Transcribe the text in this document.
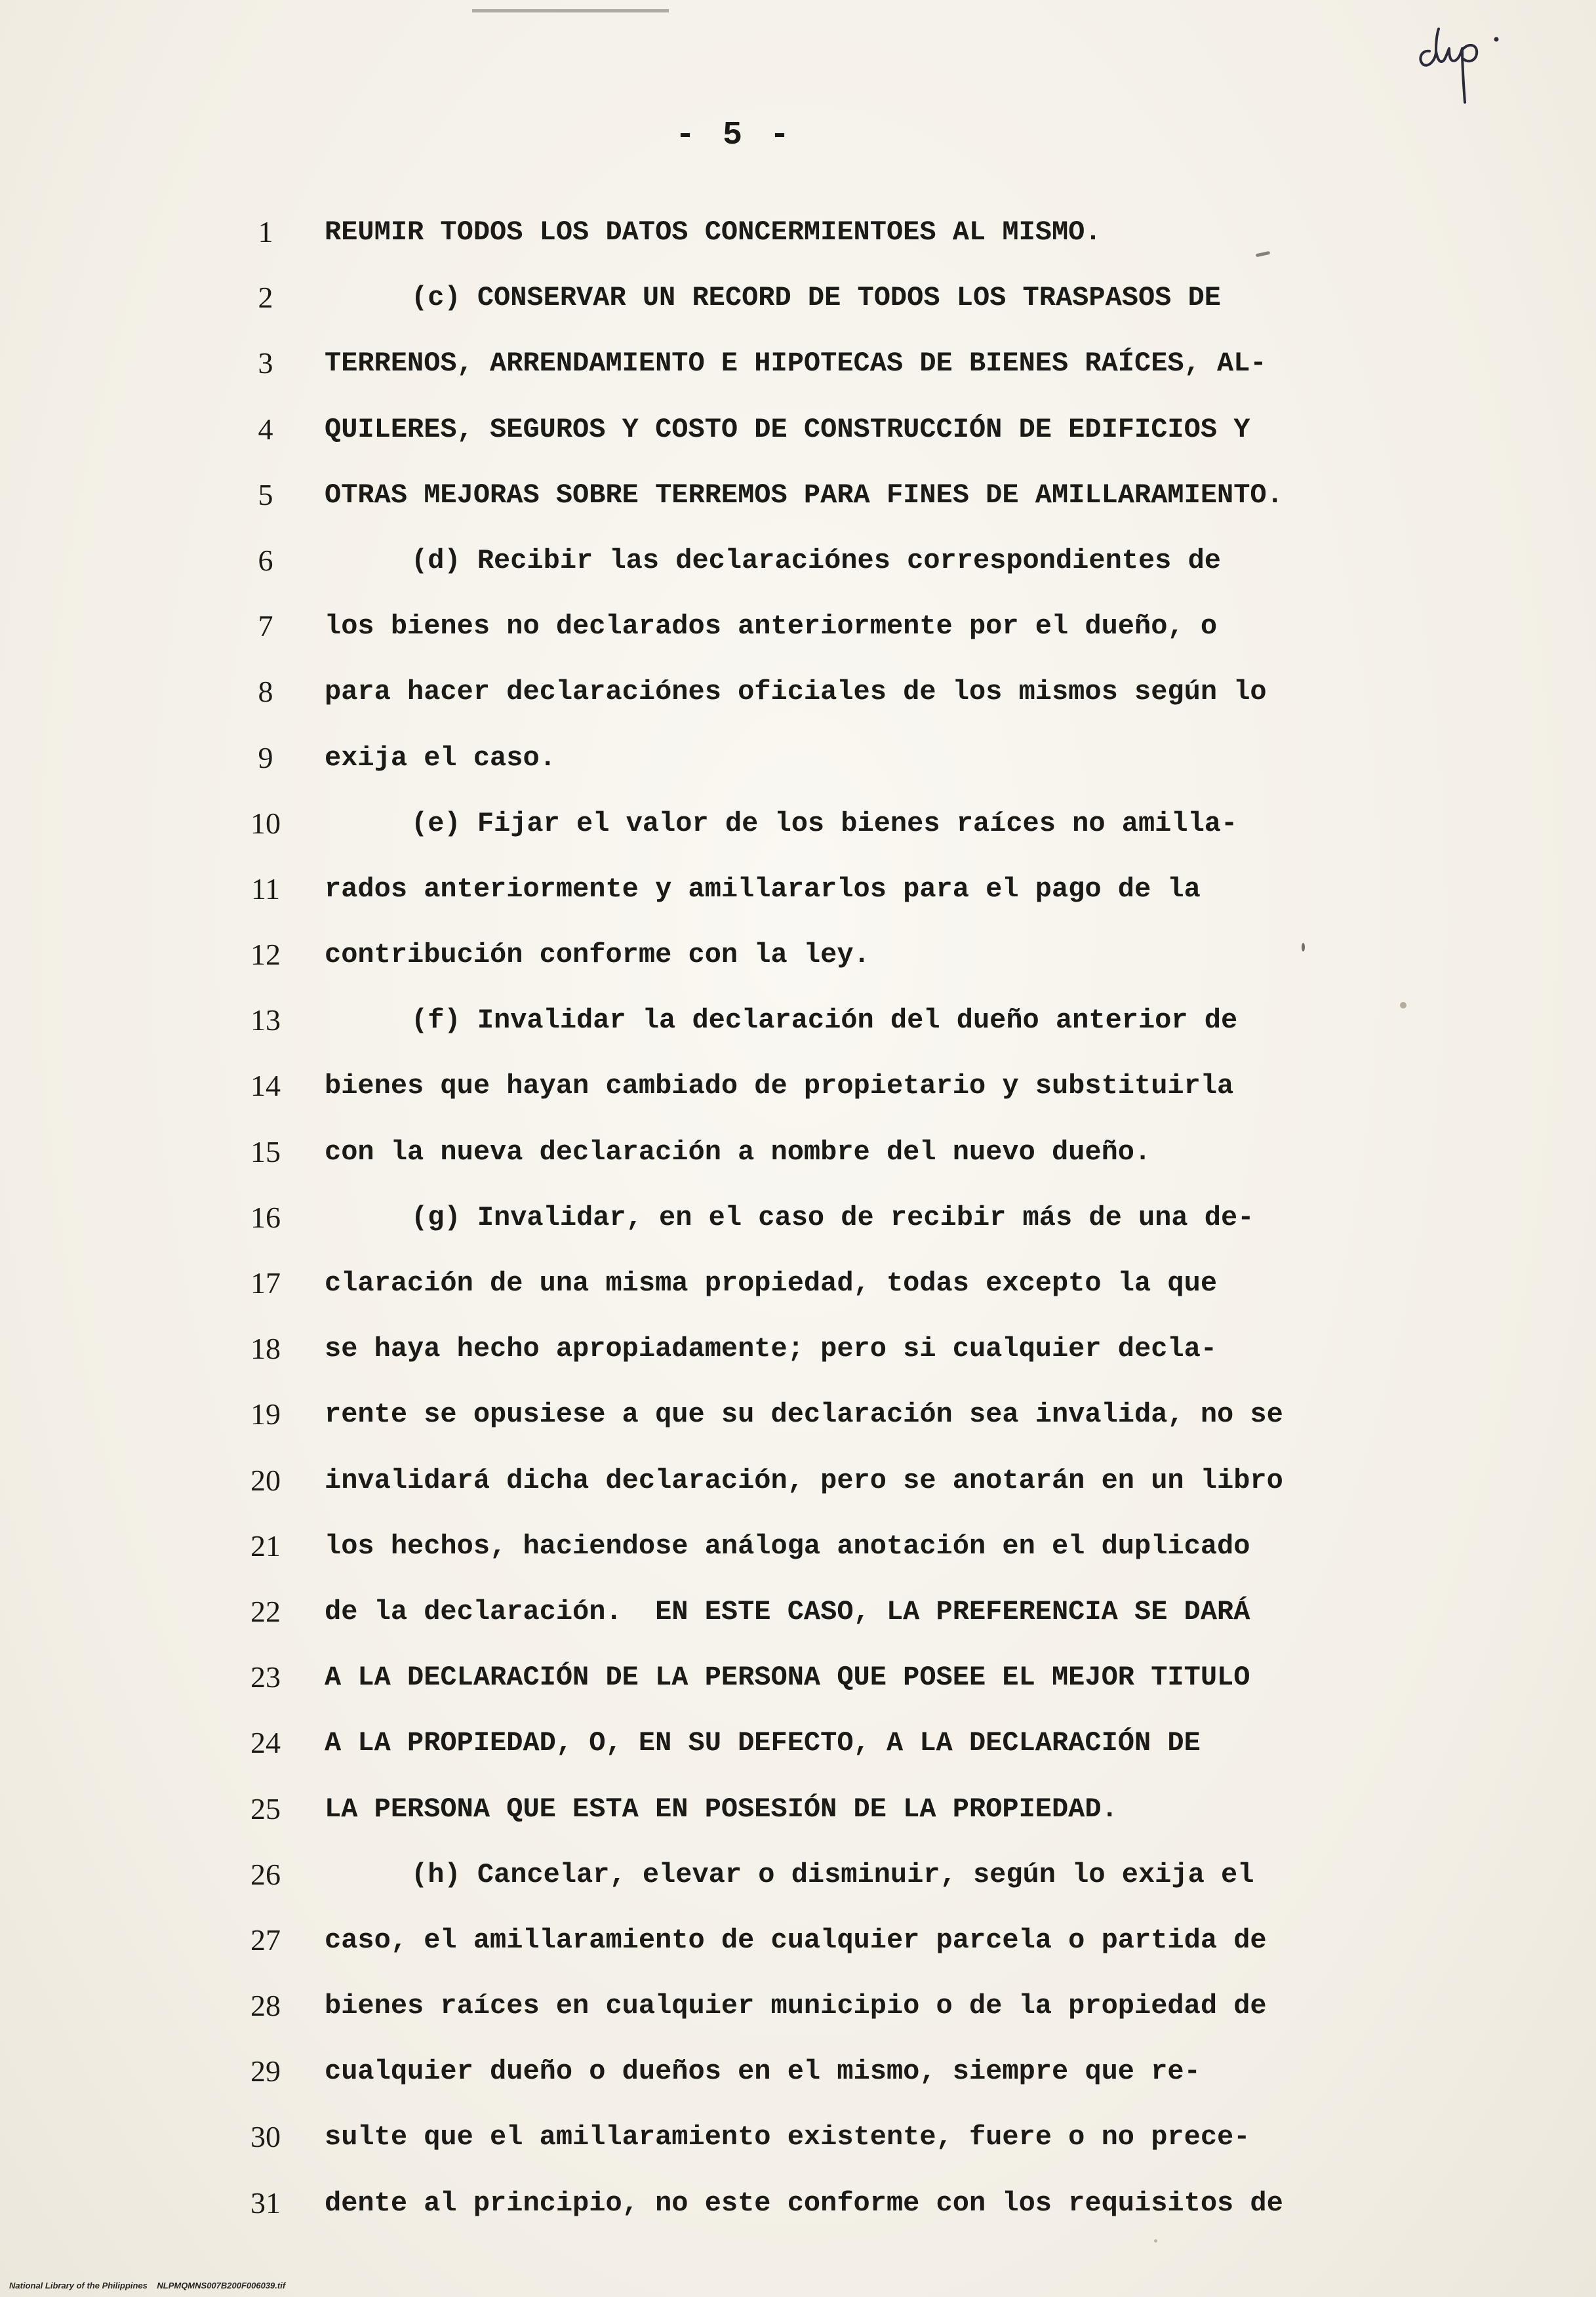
- 5 -
1	REUMIR TODOS LOS DATOS CONCERMIENTOES AL MISMO.
2	(c) CONSERVAR UN RECORD DE TODOS LOS TRASPASOS DE
3	TERRENOS, ARRENDAMIENTO E HIPOTECAS DE BIENES RAÍCES, AL-
4	QUILERES, SEGUROS Y COSTO DE CONSTRUCCIÓN DE EDIFICIOS Y
5	OTRAS MEJORAS SOBRE TERREMOS PARA FINES DE AMILLARAMIENTO.
6	(d) Recibir las declaraciónes correspondientes de
7	los bienes no declarados anteriormente por el dueño, o
8	para hacer declaraciónes oficiales de los mismos según lo
9	exija el caso.
10	(e) Fijar el valor de los bienes raíces no amilla-
11	rados anteriormente y amillararlos para el pago de la
12	contribución conforme con la ley.
13	(f) Invalidar la declaración del dueño anterior de
14	bienes que hayan cambiado de propietario y substituirla
15	con la nueva declaración a nombre del nuevo dueño.
16	(g) Invalidar, en el caso de recibir más de una de-
17	claración de una misma propiedad, todas excepto la que
18	se haya hecho apropiadamente; pero si cualquier decla-
19	rente se opusiese a que su declaración sea invalida, no se
20	invalidará dicha declaración, pero se anotarán en un libro
21	los hechos, haciendose análoga anotación en el duplicado
22	de la declaración.  EN ESTE CASO, LA PREFERENCIA SE DARÁ
23	A LA DECLARACIÓN DE LA PERSONA QUE POSEE EL MEJOR TITULO
24	A LA PROPIEDAD, O, EN SU DEFECTO, A LA DECLARACIÓN DE
25	LA PERSONA QUE ESTA EN POSESIÓN DE LA PROPIEDAD.
26	(h) Cancelar, elevar o disminuir, según lo exija el
27	caso, el amillaramiento de cualquier parcela o partida de
28	bienes raíces en cualquier municipio o de la propiedad de
29	cualquier dueño o dueños en el mismo, siempre que re-
30	sulte que el amillaramiento existente, fuere o no prece-
31	dente al principio, no este conforme con los requisitos de
National Library of the Philippines    NLPMQMNS007B200F006039.tif
